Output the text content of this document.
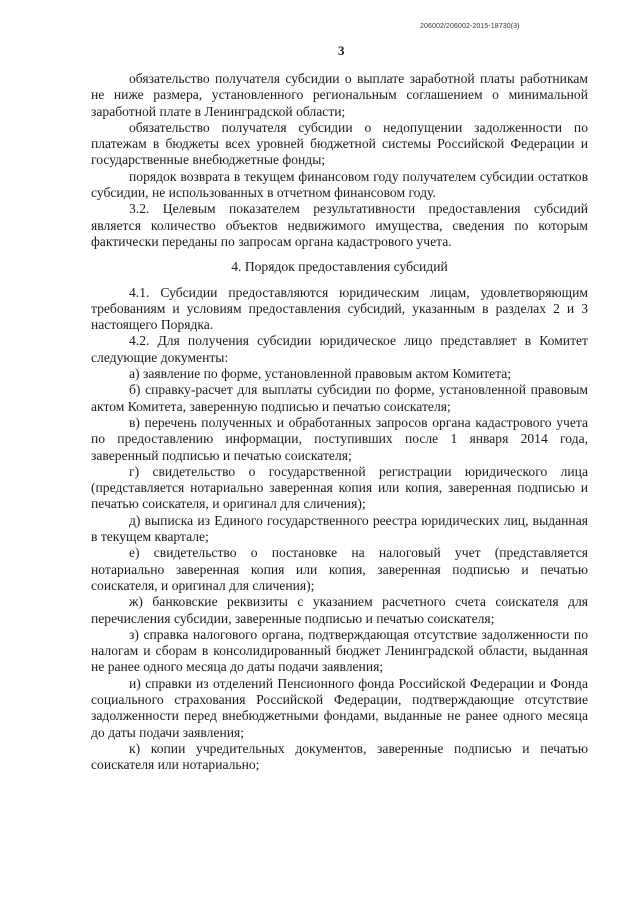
206002/206002-2015-18730(3)
3

обязательство получателя субсидии о выплате заработной платы работникам не ниже размера, установленного региональным соглашением о минимальной заработной плате в Ленинградской области;

обязательство получателя субсидии о недопущении задолженности по платежам в бюджеты всех уровней бюджетной системы Российской Федерации и государственные внебюджетные фонды;

порядок возврата в текущем финансовом году получателем субсидии остатков субсидии, не использованных в отчетном финансовом году.

3.2. Целевым показателем результативности предоставления субсидий является количество объектов недвижимого имущества, сведения по которым фактически переданы по запросам органа кадастрового учета.

4. Порядок предоставления субсидий

4.1. Субсидии предоставляются юридическим лицам, удовлетворяющим требованиям и условиям предоставления субсидий, указанным в разделах 2 и 3 настоящего Порядка.

4.2. Для получения субсидии юридическое лицо представляет в Комитет следующие документы:

а) заявление по форме, установленной правовым актом Комитета;

б) справку-расчет для выплаты субсидии по форме, установленной правовым актом Комитета, заверенную подписью и печатью соискателя;

в) перечень полученных и обработанных запросов органа кадастрового учета по предоставлению информации, поступивших после 1 января 2014 года, заверенный подписью и печатью соискателя;

г) свидетельство о государственной регистрации юридического лица (представляется нотариально заверенная копия или копия, заверенная подписью и печатью соискателя, и оригинал для сличения);

д) выписка из Единого государственного реестра юридических лиц, выданная в текущем квартале;

е) свидетельство о постановке на налоговый учет (представляется нотариально заверенная копия или копия, заверенная подписью и печатью соискателя, и оригинал для сличения);

ж) банковские реквизиты с указанием расчетного счета соискателя для перечисления субсидии, заверенные подписью и печатью соискателя;

з) справка налогового органа, подтверждающая отсутствие задолженности по налогам и сборам в консолидированный бюджет Ленинградской области, выданная не ранее одного месяца до даты подачи заявления;

и) справки из отделений Пенсионного фонда Российской Федерации и Фонда социального страхования Российской Федерации, подтверждающие отсутствие задолженности перед внебюджетными фондами, выданные не ранее одного месяца до даты подачи заявления;

к) копии учредительных документов, заверенные подписью и печатью соискателя или нотариально;
